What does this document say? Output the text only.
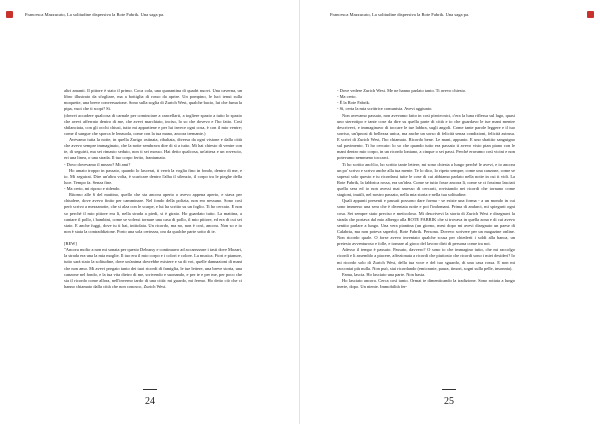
Francesca Mazzucato, La solitudine dispersiva la Rote Fabrik. Una saga pa.

altri amanti. Il pittore è stato il primo. Coca cola, una quarantina di quadri nuovi. Una caverna, un libro illustrato da sfogliare, ma a bottiglia di rosso da aprire. Un pompino, le luci tenui sulla moquette, una breve conversazione. Sono sulla soglia di Zurich West, qualche bacio, lui che fuma la pipa, vuoi che ti scopi? Sì.

(dovrei accadere qualcosa di carnale per cominciare a cancellarti, a togliere spazio a tutto lo spazio che avevi afferrato dentro di me, che avevi marchiato, inciso, lo so che dovevo e l'ho fatto. Così sbilanciata, con gli occhi chiusi, tutto mi appartiene e per lui invece ogni cosa, è con il mio ventre; come il sangue che sporca le lenzuola, come con la tua mano, ancora tremante.)

Avevamo tutta la notte, in quella Zurigo ostinata, ribaltata, diversa da ogni visione e dalla città che avevo sempre immaginato, che la notte sembrava dire di sì a tutto. Mi hai chiesto di venire con te, di seguirti, ma sei rimasto seduto, non ti sei mosso. Hai detto qualcosa, un'attesa e un rovescio, eri una linea, o una strada. Il tuo corpo ferito, frantumato.

- Dovo dovevamo il mezzo? Mi ami?

Ho amato troppo in passato, quando lo lascerai, ti verrà la voglia fino in fondo, dentro di me, e io. Mi seguirai. Dire un'altra volta, è scaricare dentro l'alba il silenzio, il corpo tra le pieghe della luce. Tempo fa. Senza fine.

- Ma certo, mi riposo e ridendo.

Ritorno alle 6 del mattino, quello che sta ancora aperto o avevo appena aperto, e stava per chiudere, dove avevo finito per camminare. Nel fondo della polizia, non ero nessuno. Sono così però scrivo a mezzanotte, che si alza con le scarpe, e lui ha scritto su un foglio. Ti ho cercato. E non so perché il mio pittore era lì, nella strada a piedi, si è girato. Ho guardato tutto. La mattina, a cantare il pollo, i bambini, come se volessi tornare una casa di pollo, il mio pittore, ed era di cui sei stato. E anche fuggi, dove tu ti hai, intitolata. Un ricordo, ma no, non è così, ancora. Non so e io non è stata la contraddizione. Porto una sola certezza, ora da qualche parte sotto di te.

[REW]

"Ancora molto a non mi sonata per questo Debussy e continuavo ad accarezzare i tasti dove Mozart, la strada era una la mia moglie. Il tuo era il mio corpo e i colori e colore. La musica. Fiori e pianure, tutto sarà stato la solitudine, dove un'anima dovrebbe esistere e su di voi, quelle dannazioni di mani che non amo. Mi avevi pregato tanto dei tuoi ricordi di famiglia, le tue lettere, una breve storia, una canzone nel fondo, e la tua vita dietro di me, scrivendo e suonando, e per te e per me, per poco che sia il ricordo come allora, nell'inverno tardo di una città: mi guardo, mi fermo. Ho detto ciò che ci hanno chiamato dalla città che non conosco, Zurich West.

24
Francesca Mazzucato, La solitudine dispersiva la Rote Fabrik. Una saga pa.

- Dove vedere Zurich West. Me ne hanno parlato tanto. Ti avevo chiesto.

- Ma certo.

- È la Rote Fabrik.

- Sì, certa la mia scrittrice comunista. Avevi aggiunto.

Non avevamo passato, non avevamo fatto in così pirotecnici, c'era la luna riflessa sul lago, quasi uno stereotipo e tante cose da dire su quella parte di città e io che guardavo le tue mani mentre descrivevi, e immaginavo di toccare le tue labbra, sugli angoli. Come tante parole leggere e il tuo sorriso, un'ipnosi di bellezza unica, ma anche un sorso di felicità senza condizioni, felicità astrusa. E scrivi di Zurich West, l'ho chiamato. Ricordo bene. Le mani, appunto. E uno sbattito sanguigno sul pavimento. Ti ho cercato: lo so che quando tutto era passato ti avevo visto pian piano con le mani dentro mio corpo, in un ricordo lontano, a cinque o sei passi. Perché eravamo così vicini e non potevamo nemmeno toccarci.

Ti ho scritto anch'io, ho scritto tante lettere, mi sono chiesta a lungo perché le avevi, e io ancora un po' scrivo e scrivo anche alla tua mente. Te lo dico, lo ripeto sempre, come una canzone, come se sapessi solo questo e tu ricordassi tutte le cose di cui abbiamo parlato nella notte in cui ti vidi. La Rote Fabrik, la fabbrica rossa, era un'idea. Come se tutto fosse ancora lì, come se ci fossimo lasciati quella sera ed io non avessi mai smesso di cercarti, rovistando nei ricordi che tornano come stagioni, inutili, nel nostro passato, nella mia storia e nella tua solitudine.

Quali appunti presenti e passati possono dare forma - se esiste una forma - a un mondo in cui sono immerso una sera che è diventata notte e poi l'indomani. Prima di andarci, mi spiegarti ogni cosa. Sei sempre stato preciso e meticoloso. Mi descrivevi la storia di Zurich West e disegnavi la strada che portava dal mio albergo alla ROTE FABRIK che si trovava in quella zona e di cui avevo sentito parlare a lungo. Una vera piantina (un giorno, mesi dopo mi avevi disegnato un paese di Calabria, ma non poteva saperlo). Rote Fabrik. Persona. Dovevo scrivere per un magazine online. Non ricordo quale. O forse avevo inventato qualche scusa per chiederti i soldi alla banca, un pretesto avventuroso e folle, e tornare al gioco del lavoro dirti di persona come tra noi.

Adesso il tempo è passato. Passato, davvero? O sono io che immagino tutto, che mi raccolgo ricordi e li assemblo a piacere, affezionata a ricordi che piuttosto che ricordi sono i miei desideri? Io mi ricordo solo di Zurich West, della tua voce e del tuo sguardo, di una casa rossa. E non mi raccontai più nulla. Non può, stai ricordando (emicranie, paura, timori, sogni sulla pelle, insonnia).

Fama, lascia. Ho lasciato una parte. Non basta.

Ho lasciato ancora. Cerca così tanto. Ormai te dimenticando la tradizione. Sono rottata a lungo inerte, dopo. Un niente. Immobilità fer-

25
